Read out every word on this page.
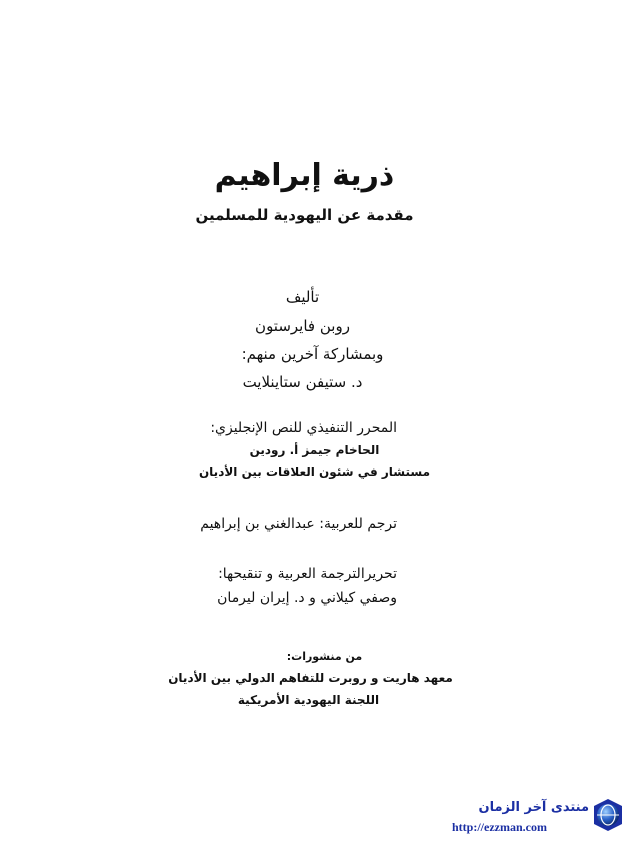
ذرية إبراهيم
مقدمة عن اليهودية للمسلمين
تأليف
روبن فايرستون
وبمشاركة آخرين منهم:
د. ستيفن ستاينلايت
المحرر التنفيذي للنص الإنجليزي:
الحاخام جيمز أ. رودين
مستشار في شئون العلاقات بين الأديان
ترجم للعربية: عبدالغني بن إبراهيم
تحريرالترجمة العربية و تنقيحها:
وصفي كيلاني و د. إيران ليرمان
من منشورات:
معهد هاريت و روبرت للتفاهم الدولي بين الأديان
اللجنة اليهودية الأمريكية
منتدى آخر الزمان
http://ezzman.com
